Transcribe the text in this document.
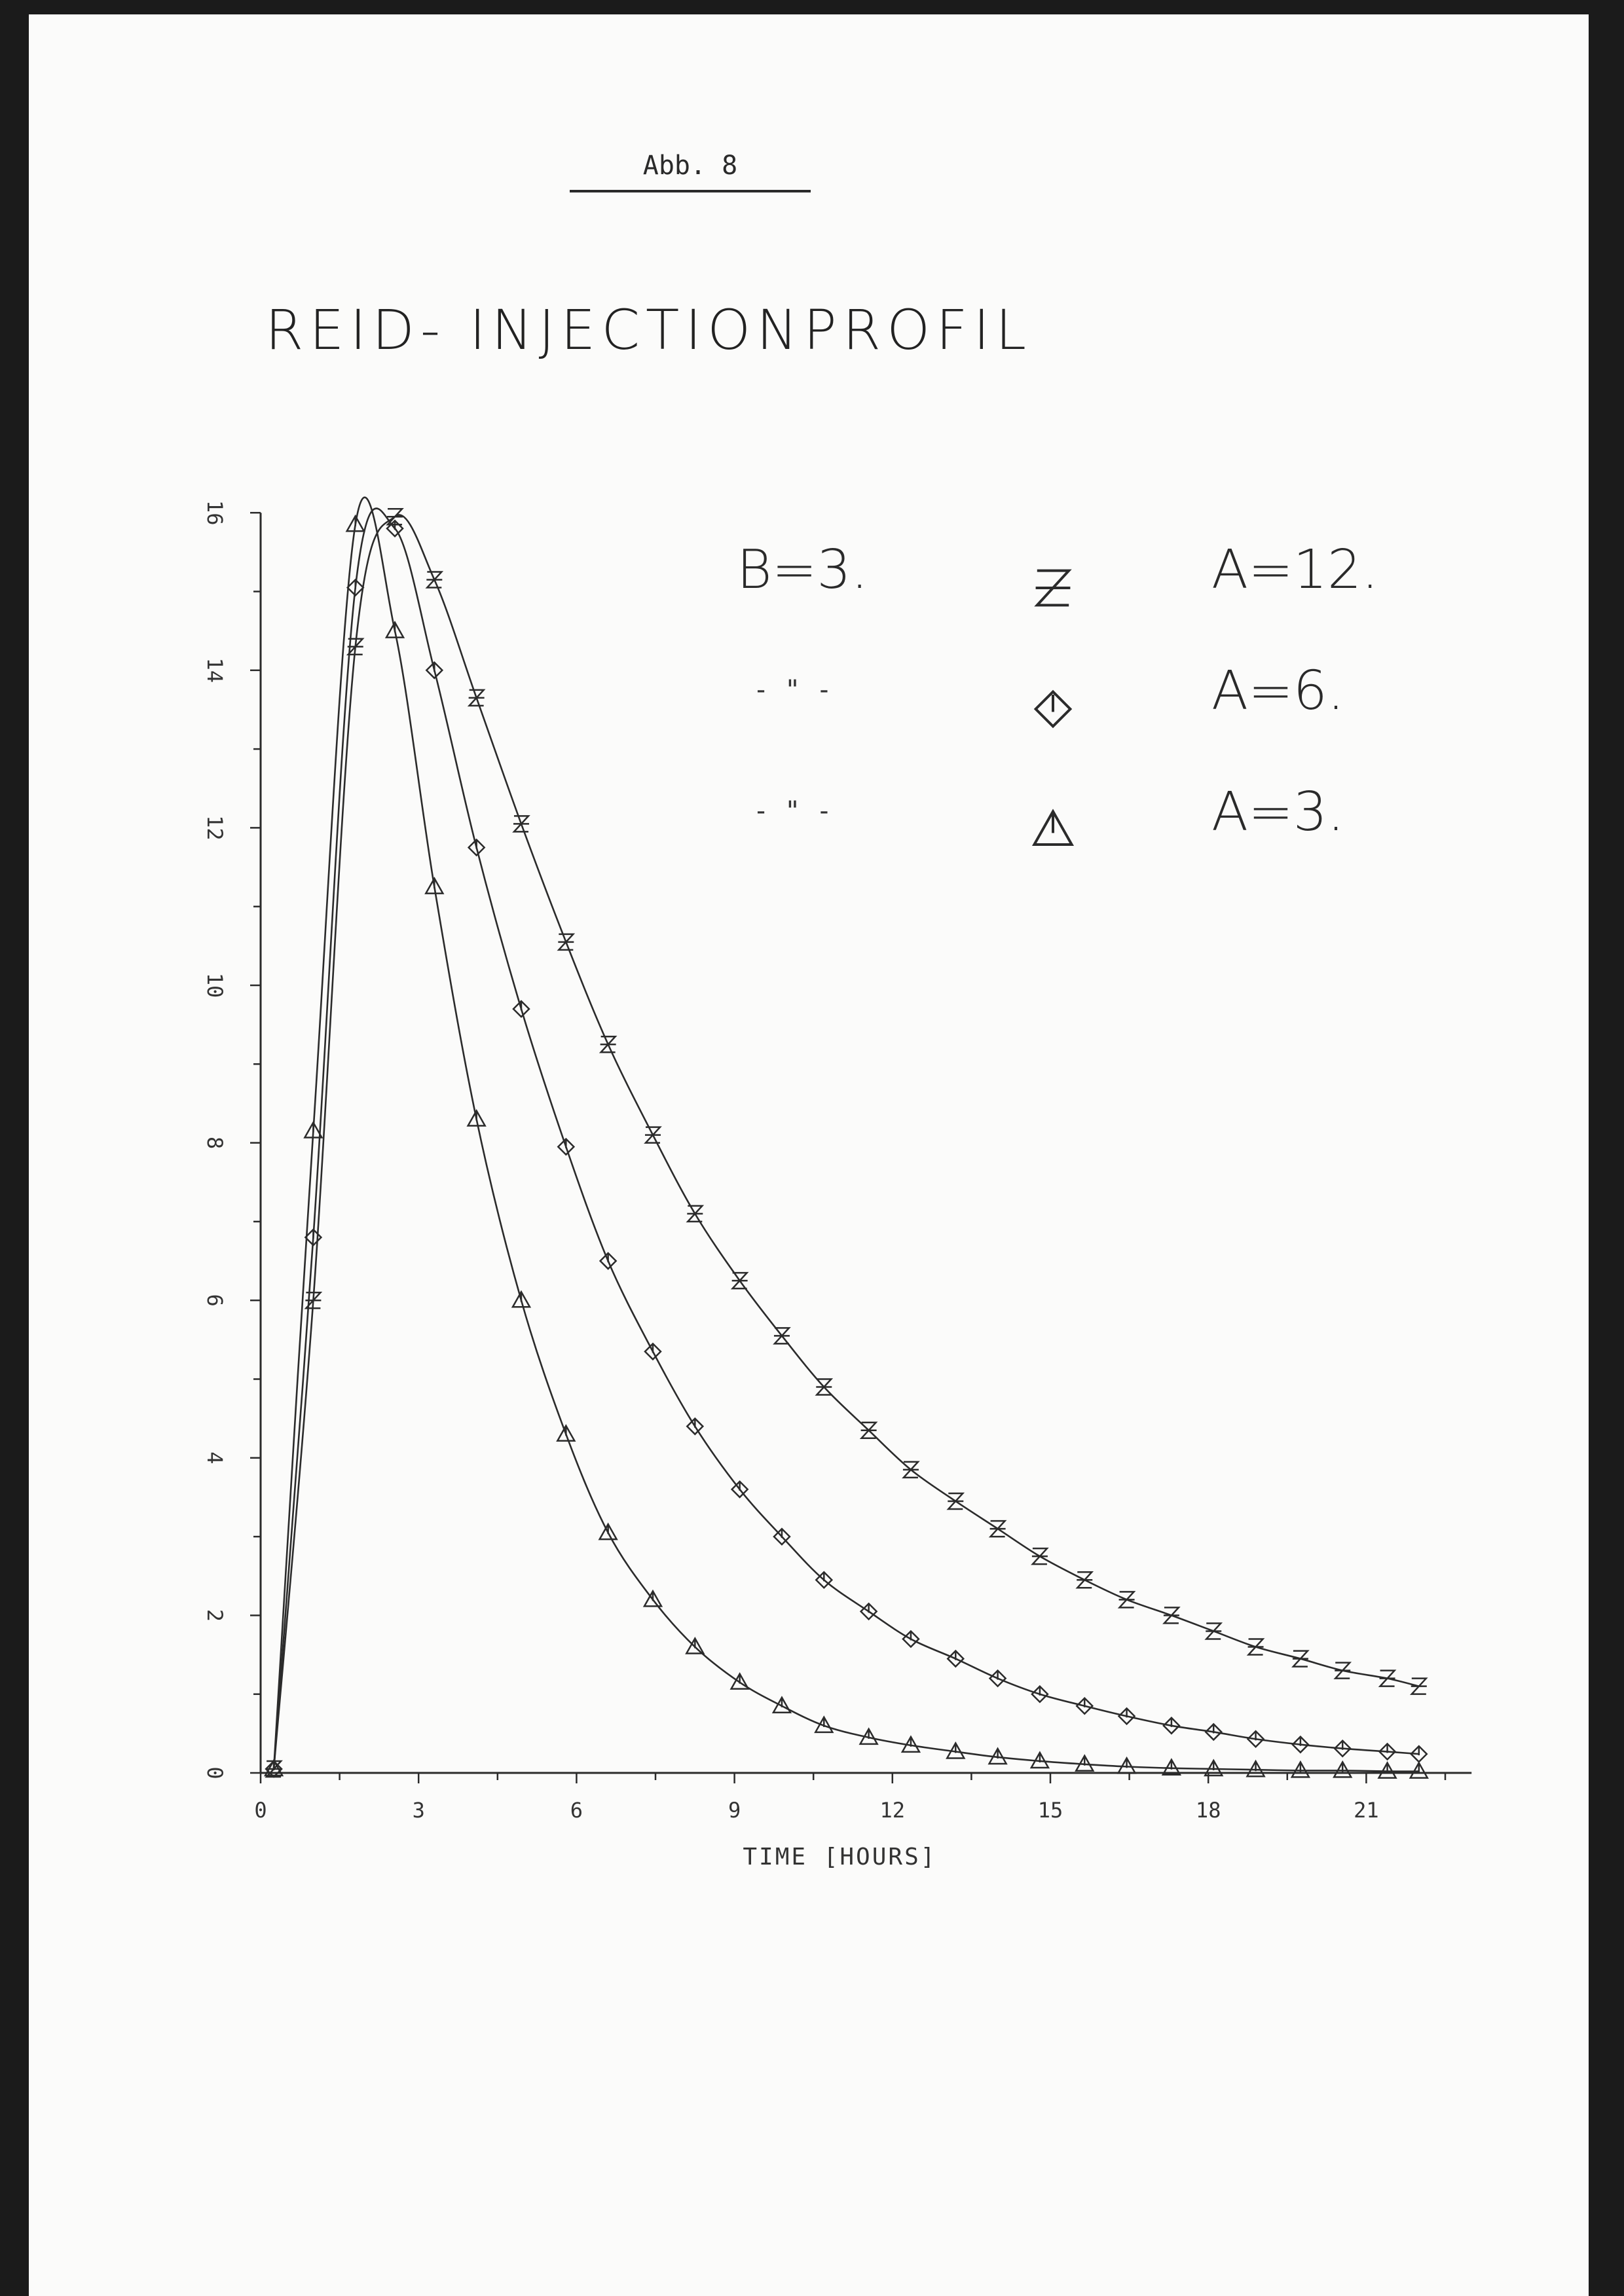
Abb. 8
REID- INJECTIONPROFIL
0	3	6	9	12	15	18	21
0
2
4
6
8
10
12
14
16
B=3.	A=12.
- " -	A=6.
- " -	A=3.
TIME [HOURS]
